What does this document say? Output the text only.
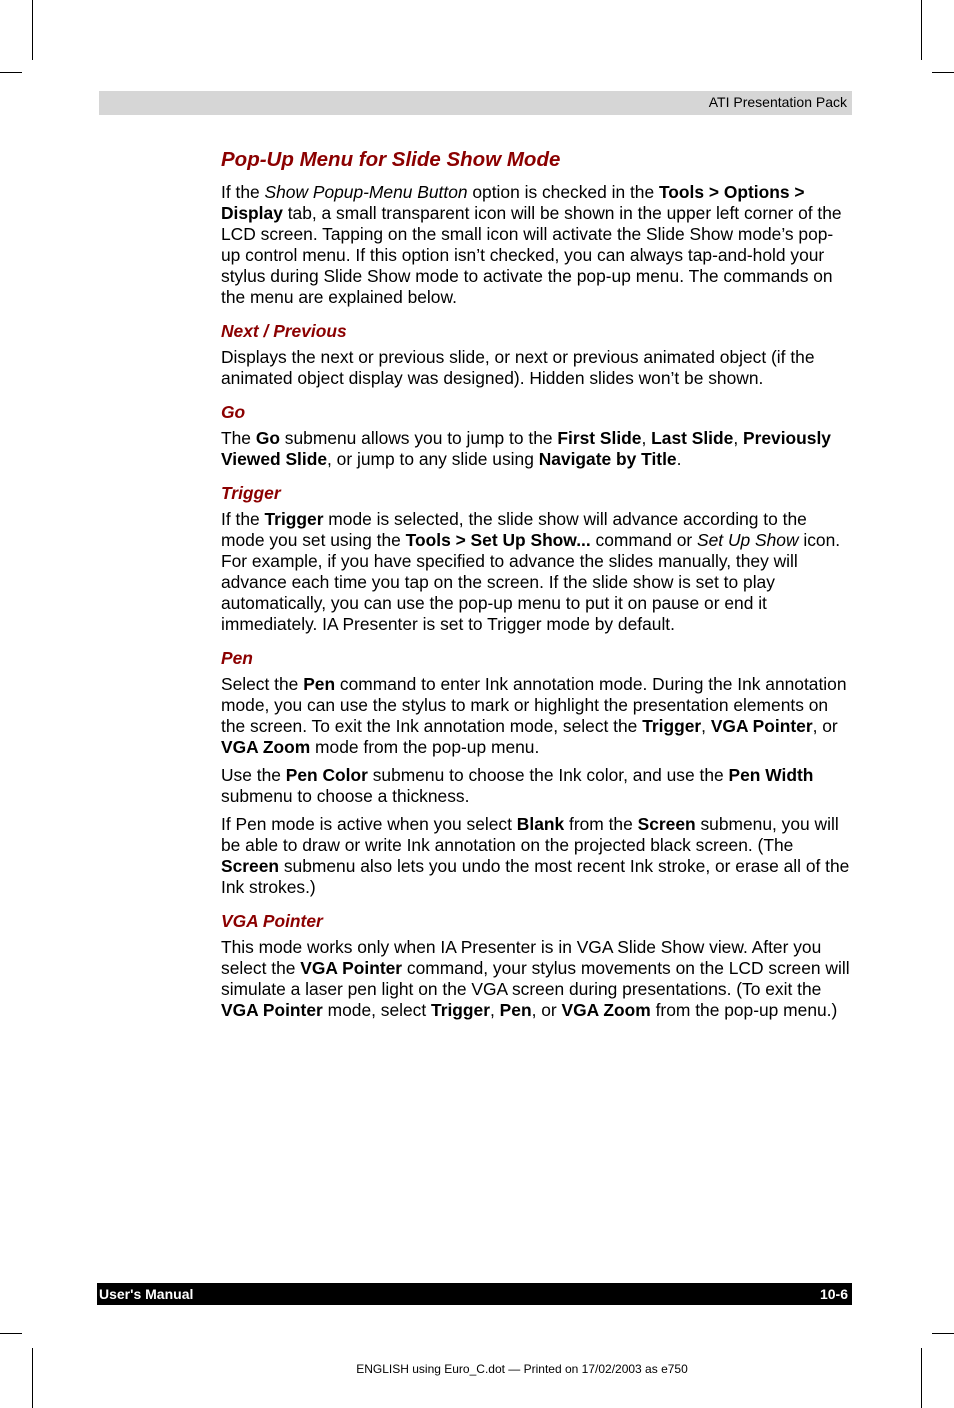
ATI Presentation Pack
Pop-Up Menu for Slide Show Mode

If the Show Popup-Menu Button option is checked in the Tools > Options > Display tab, a small transparent icon will be shown in the upper left corner of the LCD screen. Tapping on the small icon will activate the Slide Show mode’s pop-up control menu. If this option isn’t checked, you can always tap-and-hold your stylus during Slide Show mode to activate the pop-up menu. The commands on the menu are explained below.

Next / Previous

Displays the next or previous slide, or next or previous animated object (if the animated object display was designed). Hidden slides won’t be shown.

Go

The Go submenu allows you to jump to the First Slide, Last Slide, Previously Viewed Slide, or jump to any slide using Navigate by Title.

Trigger

If the Trigger mode is selected, the slide show will advance according to the mode you set using the Tools > Set Up Show... command or Set Up Show icon. For example, if you have specified to advance the slides manually, they will advance each time you tap on the screen. If the slide show is set to play automatically, you can use the pop-up menu to put it on pause or end it immediately. IA Presenter is set to Trigger mode by default.

Pen

Select the Pen command to enter Ink annotation mode. During the Ink annotation mode, you can use the stylus to mark or highlight the presentation elements on the screen. To exit the Ink annotation mode, select the Trigger, VGA Pointer, or VGA Zoom mode from the pop-up menu.

Use the Pen Color submenu to choose the Ink color, and use the Pen Width submenu to choose a thickness.

If Pen mode is active when you select Blank from the Screen submenu, you will be able to draw or write Ink annotation on the projected black screen. (The Screen submenu also lets you undo the most recent Ink stroke, or erase all of the Ink strokes.)

VGA Pointer

This mode works only when IA Presenter is in VGA Slide Show view. After you select the VGA Pointer command, your stylus movements on the LCD screen will simulate a laser pen light on the VGA screen during presentations. (To exit the VGA Pointer mode, select Trigger, Pen, or VGA Zoom from the pop-up menu.)

User's Manual	10-6
ENGLISH using Euro_C.dot — Printed on 17/02/2003 as e750
